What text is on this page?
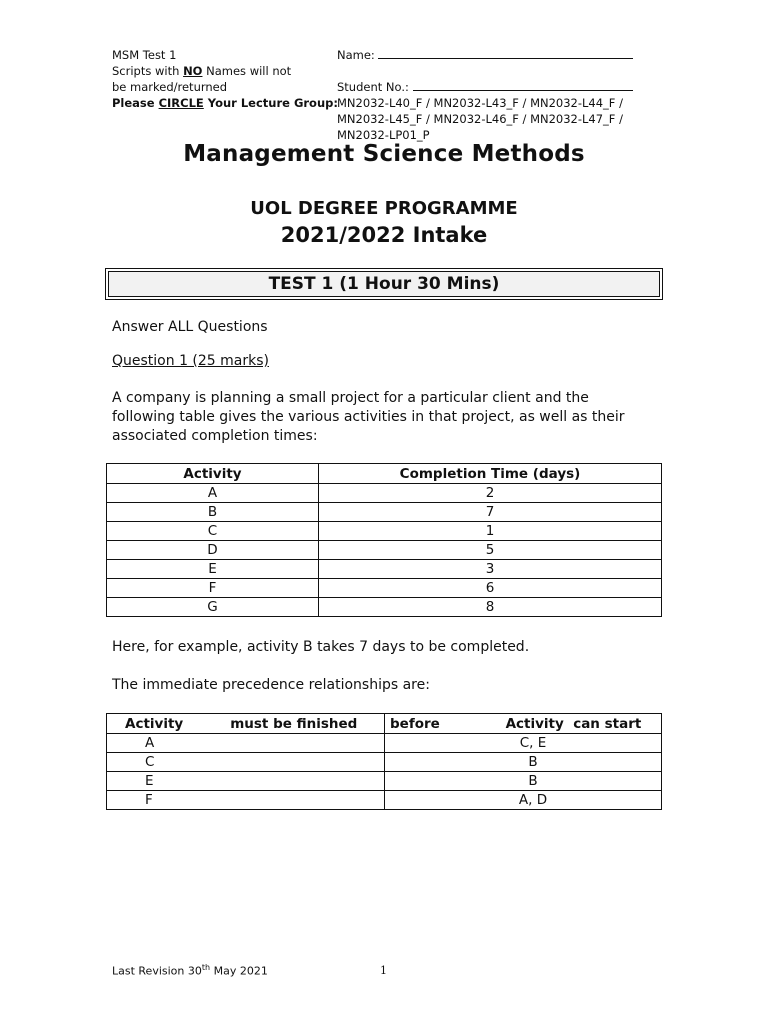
MSM Test 1
Scripts with NO Names will not
be marked/returned
Please CIRCLE Your Lecture Group:
Name:
Student No.:
MN2032-L40_F / MN2032-L43_F / MN2032-L44_F /
MN2032-L45_F / MN2032-L46_F / MN2032-L47_F /
MN2032-LP01_P
Management Science Methods
UOL DEGREE PROGRAMME
2021/2022 Intake
TEST 1 (1 Hour 30 Mins)
Answer ALL Questions
Question 1 (25 marks)
A company is planning a small project for a particular client and the following table gives the various activities in that project, as well as their associated completion times:
Activity	Completion Time (days)
A	2
B	7
C	1
D	5
E	3
F	6
G	8
Here, for example, activity B takes 7 days to be completed.
The immediate precedence relationships are:
Activity          must be finished	before              Activity  can start
A	C, E
C	B
E	B
F	A, D
Last Revision 30th May 2021	1
